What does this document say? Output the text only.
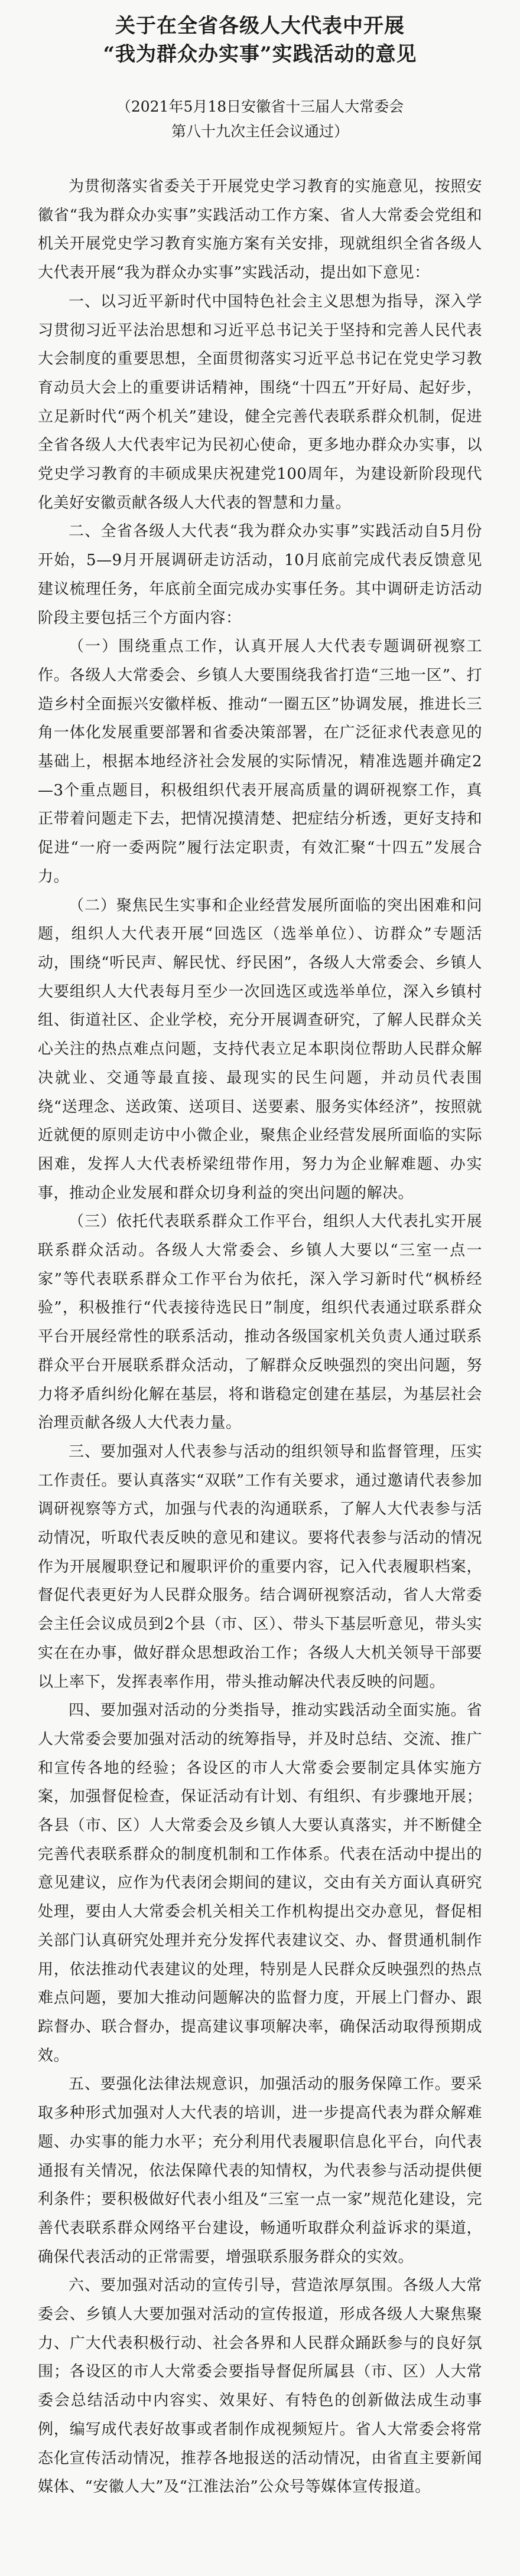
关于在全省各级人大代表中开展
“我为群众办实事”实践活动的意见
（2021年5月18日安徽省十三届人大常委会
第八十九次主任会议通过）

为贯彻落实省委关于开展党史学习教育的实施意见，按照安徽省“我为群众办实事”实践活动工作方案、省人大常委会党组和机关开展党史学习教育实施方案有关安排，现就组织全省各级人大代表开展“我为群众办实事”实践活动，提出如下意见：

一、以习近平新时代中国特色社会主义思想为指导，深入学习贯彻习近平法治思想和习近平总书记关于坚持和完善人民代表大会制度的重要思想，全面贯彻落实习近平总书记在党史学习教育动员大会上的重要讲话精神，围绕“十四五”开好局、起好步，立足新时代“两个机关”建设，健全完善代表联系群众机制，促进全省各级人大代表牢记为民初心使命，更多地办群众办实事，以党史学习教育的丰硕成果庆祝建党100周年，为建设新阶段现代化美好安徽贡献各级人大代表的智慧和力量。

二、全省各级人大代表“我为群众办实事”实践活动自5月份开始，5—9月开展调研走访活动，10月底前完成代表反馈意见建议梳理任务，年底前全面完成办实事任务。其中调研走访活动阶段主要包括三个方面内容：

（一）围绕重点工作，认真开展人大代表专题调研视察工作。各级人大常委会、乡镇人大要围绕我省打造“三地一区”、打造乡村全面振兴安徽样板、推动“一圈五区”协调发展，推进长三角一体化发展重要部署和省委决策部署，在广泛征求代表意见的基础上，根据本地经济社会发展的实际情况，精准选题并确定2—3个重点题目，积极组织代表开展高质量的调研视察工作，真正带着问题走下去，把情况摸清楚、把症结分析透，更好支持和促进“一府一委两院”履行法定职责，有效汇聚“十四五”发展合力。

（二）聚焦民生实事和企业经营发展所面临的突出困难和问题，组织人大代表开展“回选区（选举单位）、访群众”专题活动，围绕“听民声、解民忧、纾民困”，各级人大常委会、乡镇人大要组织人大代表每月至少一次回选区或选举单位，深入乡镇村组、街道社区、企业学校，充分开展调查研究，了解人民群众关心关注的热点难点问题，支持代表立足本职岗位帮助人民群众解决就业、交通等最直接、最现实的民生问题，并动员代表围绕“送理念、送政策、送项目、送要素、服务实体经济”，按照就近就便的原则走访中小微企业，聚焦企业经营发展所面临的实际困难，发挥人大代表桥梁纽带作用，努力为企业解难题、办实事，推动企业发展和群众切身利益的突出问题的解决。

（三）依托代表联系群众工作平台，组织人大代表扎实开展联系群众活动。各级人大常委会、乡镇人大要以“三室一点一家”等代表联系群众工作平台为依托，深入学习新时代“枫桥经验”，积极推行“代表接待选民日”制度，组织代表通过联系群众平台开展经常性的联系活动，推动各级国家机关负责人通过联系群众平台开展联系群众活动，了解群众反映强烈的突出问题，努力将矛盾纠纷化解在基层，将和谐稳定创建在基层，为基层社会治理贡献各级人大代表力量。

三、要加强对人代表参与活动的组织领导和监督管理，压实工作责任。要认真落实“双联”工作有关要求，通过邀请代表参加调研视察等方式，加强与代表的沟通联系，了解人大代表参与活动情况，听取代表反映的意见和建议。要将代表参与活动的情况作为开展履职登记和履职评价的重要内容，记入代表履职档案，督促代表更好为人民群众服务。结合调研视察活动，省人大常委会主任会议成员到2个县（市、区）、带头下基层听意见，带头实实在在办事，做好群众思想政治工作；各级人大机关领导干部要以上率下，发挥表率作用，带头推动解决代表反映的问题。

四、要加强对活动的分类指导，推动实践活动全面实施。省人大常委会要加强对活动的统筹指导，并及时总结、交流、推广和宣传各地的经验；各设区的市人大常委会要制定具体实施方案，加强督促检查，保证活动有计划、有组织、有步骤地开展；各县（市、区）人大常委会及乡镇人大要认真落实，并不断健全完善代表联系群众的制度机制和工作体系。代表在活动中提出的意见建议，应作为代表闭会期间的建议，交由有关方面认真研究处理，要由人大常委会机关相关工作机构提出交办意见，督促相关部门认真研究处理并充分发挥代表建议交、办、督贯通机制作用，依法推动代表建议的处理，特别是人民群众反映强烈的热点难点问题，要加大推动问题解决的监督力度，开展上门督办、跟踪督办、联合督办，提高建议事项解决率，确保活动取得预期成效。

五、要强化法律法规意识，加强活动的服务保障工作。要采取多种形式加强对人大代表的培训，进一步提高代表为群众解难题、办实事的能力水平；充分利用代表履职信息化平台，向代表通报有关情况，依法保障代表的知情权，为代表参与活动提供便利条件；要积极做好代表小组及“三室一点一家”规范化建设，完善代表联系群众网络平台建设，畅通听取群众利益诉求的渠道，确保代表活动的正常需要，增强联系服务群众的实效。

六、要加强对活动的宣传引导，营造浓厚氛围。各级人大常委会、乡镇人大要加强对活动的宣传报道，形成各级人大聚焦聚力、广大代表积极行动、社会各界和人民群众踊跃参与的良好氛围；各设区的市人大常委会要指导督促所属县（市、区）人大常委会总结活动中内容实、效果好、有特色的创新做法成生动事例，编写成代表好故事或者制作成视频短片。省人大常委会将常态化宣传活动情况，推荐各地报送的活动情况，由省直主要新闻媒体、“安徽人大”及“江淮法治”公众号等媒体宣传报道。
